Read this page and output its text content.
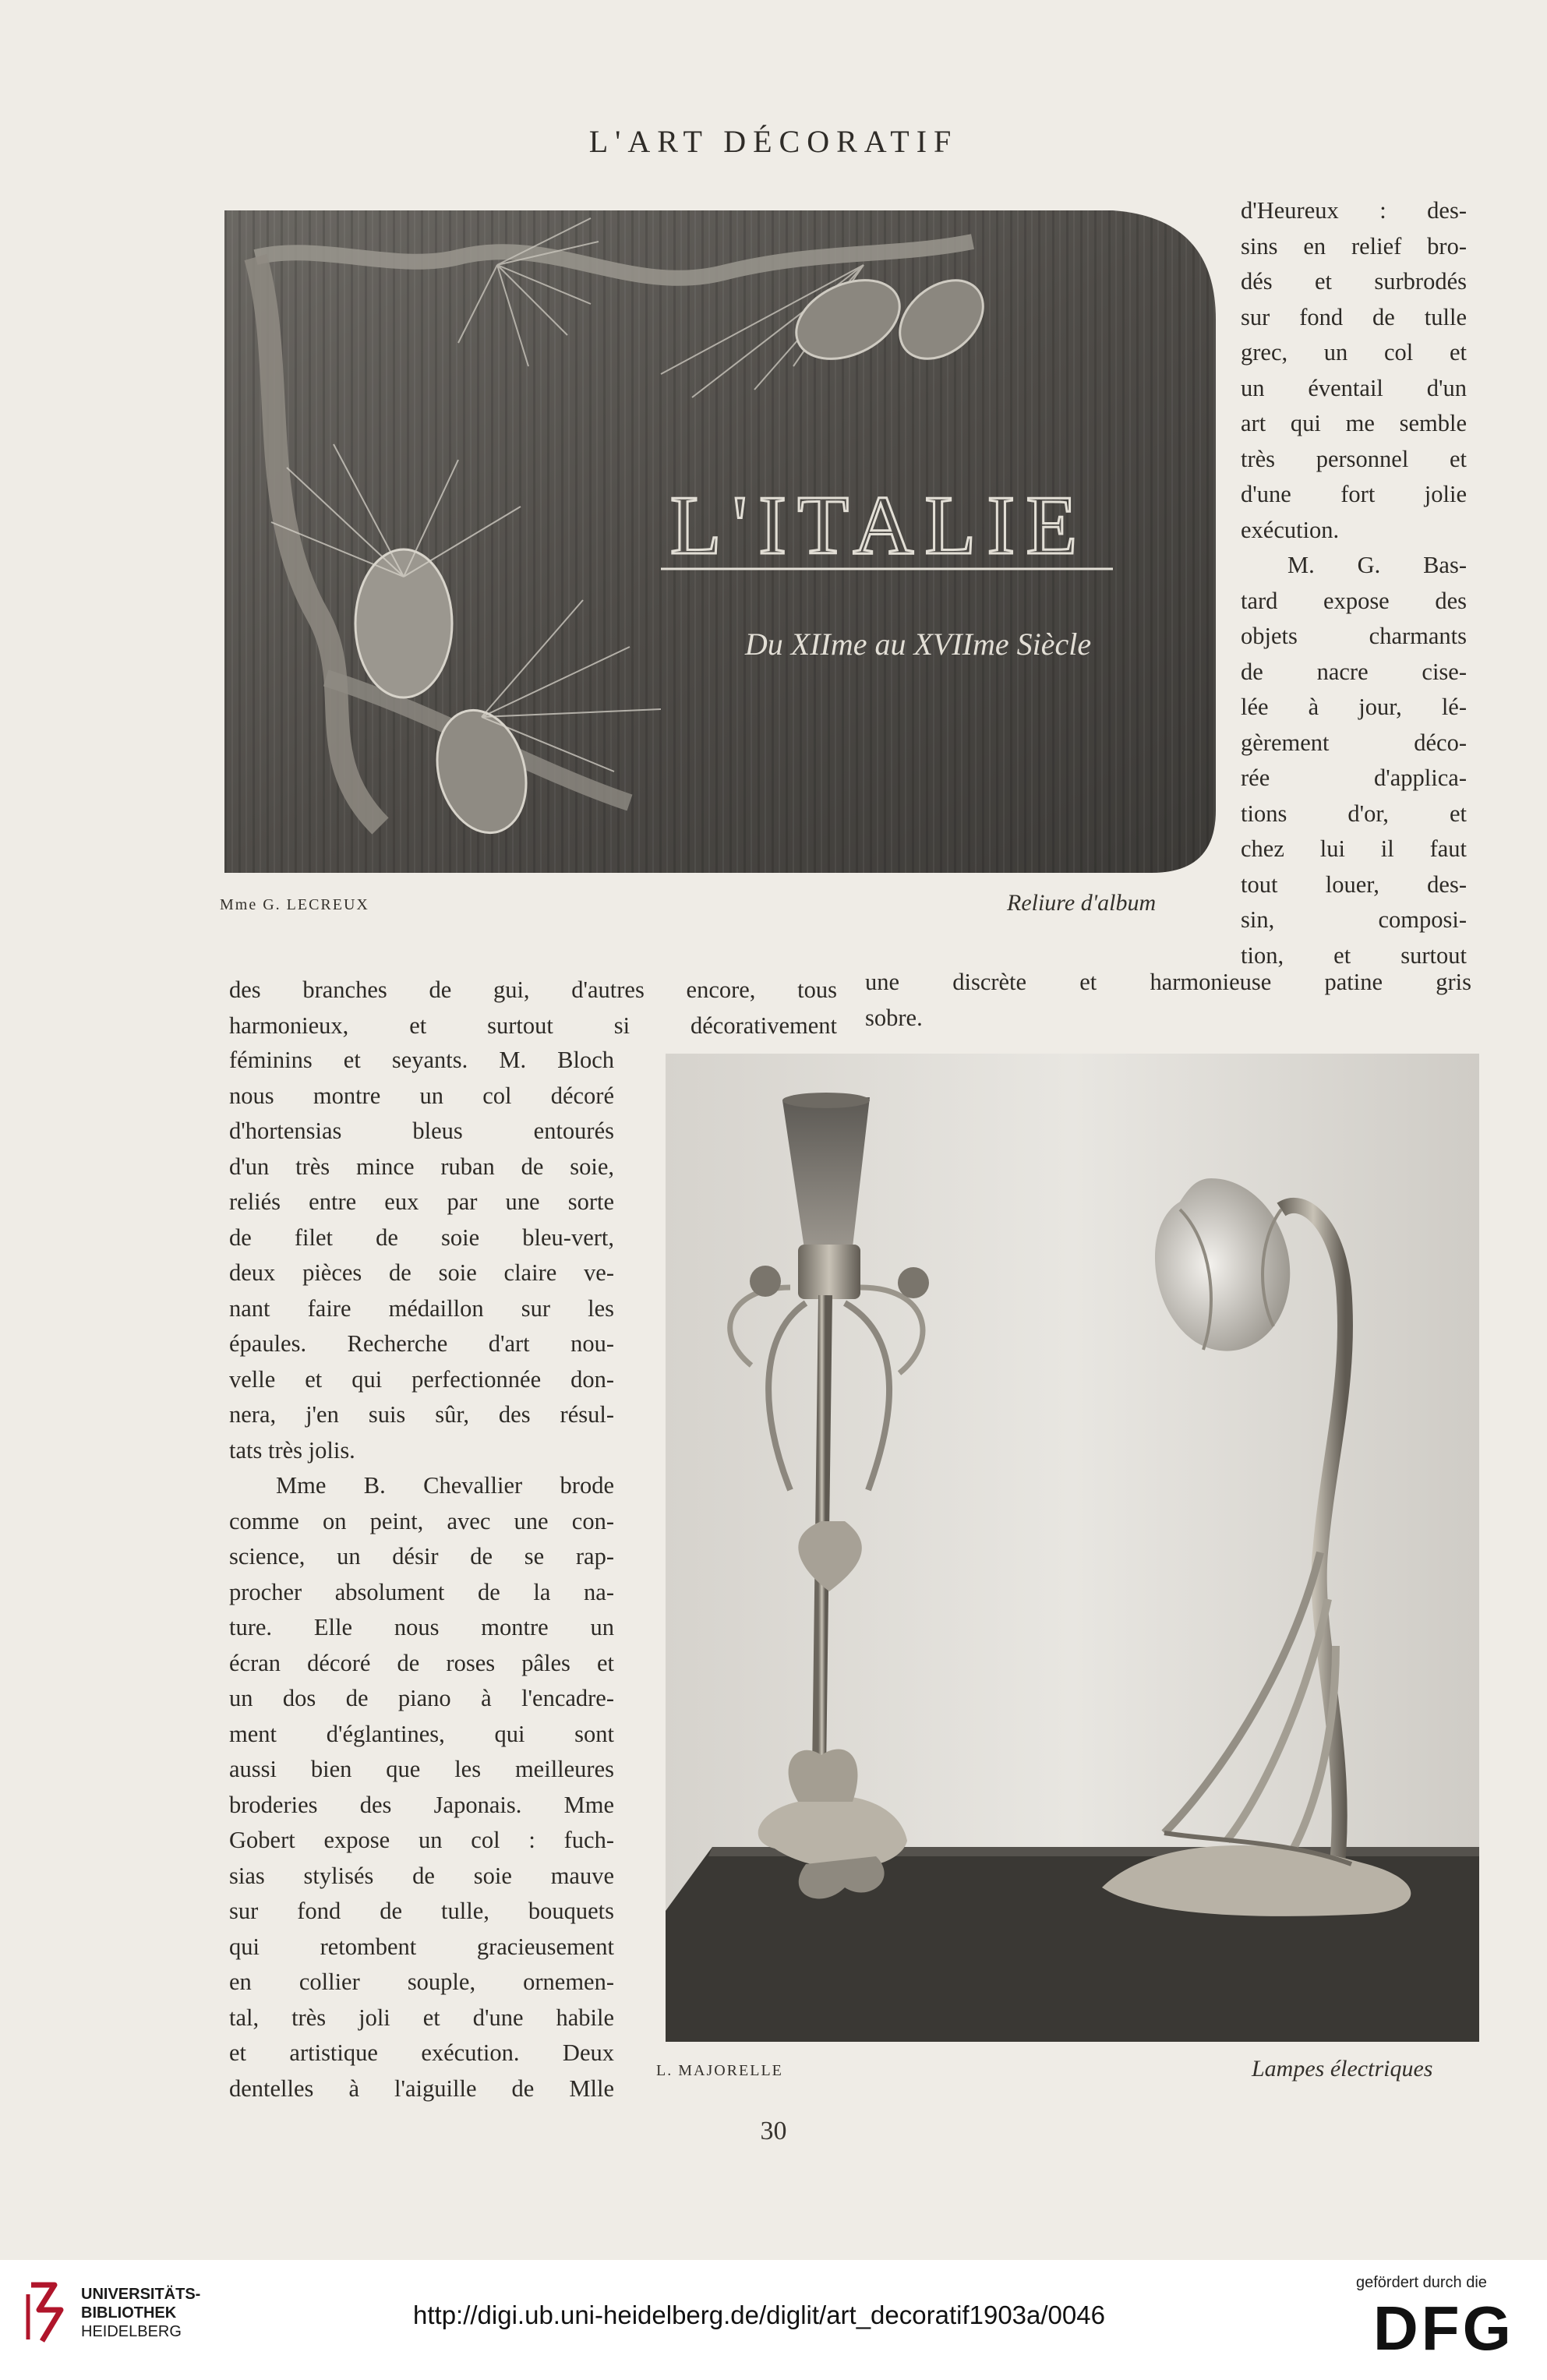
L'ART DÉCORATIF
L'ITALIE
Du XIIme au XVIIme Siècle
Mme G. LECREUX	Reliure d'album

d'Heureux : des-

sins en relief bro-

dés et surbrodés

sur fond de tulle

grec, un col et

un éventail d'un

art qui me semble

très personnel et

d'une fort jolie

exécution.

M. G. Bas-

tard expose des

objets charmants

de nacre cise-

lée à jour, lé-

gèrement déco-

rée d'applica-

tions d'or, et

chez lui il faut

tout louer, des-

sin, composi-

tion, et surtout

des branches de gui, d'autres encore, tous

harmonieux, et surtout si décorativement

une discrète et harmonieuse patine gris

sobre.

féminins et seyants. M. Bloch

nous montre un col décoré

d'hortensias bleus entourés

d'un très mince ruban de soie,

reliés entre eux par une sorte

de filet de soie bleu-vert,

deux pièces de soie claire ve-

nant faire médaillon sur les

épaules. Recherche d'art nou-

velle et qui perfectionnée don-

nera, j'en suis sûr, des résul-

tats très jolis.

Mme B. Chevallier brode

comme on peint, avec une con-

science, un désir de se rap-

procher absolument de la na-

ture. Elle nous montre un

écran décoré de roses pâles et

un dos de piano à l'encadre-

ment d'églantines, qui sont

aussi bien que les meilleures

broderies des Japonais. Mme

Gobert expose un col : fuch-

sias stylisés de soie mauve

sur fond de tulle, bouquets

qui retombent gracieusement

en collier souple, ornemen-

tal, très joli et d'une habile

et artistique exécution. Deux

dentelles à l'aiguille de Mlle

L. MAJORELLE	Lampes électriques
30
UNIVERSITÄTS-
BIBLIOTHEK
HEIDELBERG
http://digi.ub.uni-heidelberg.de/diglit/art_decoratif1903a/0046
gefördert durch die
DFG
